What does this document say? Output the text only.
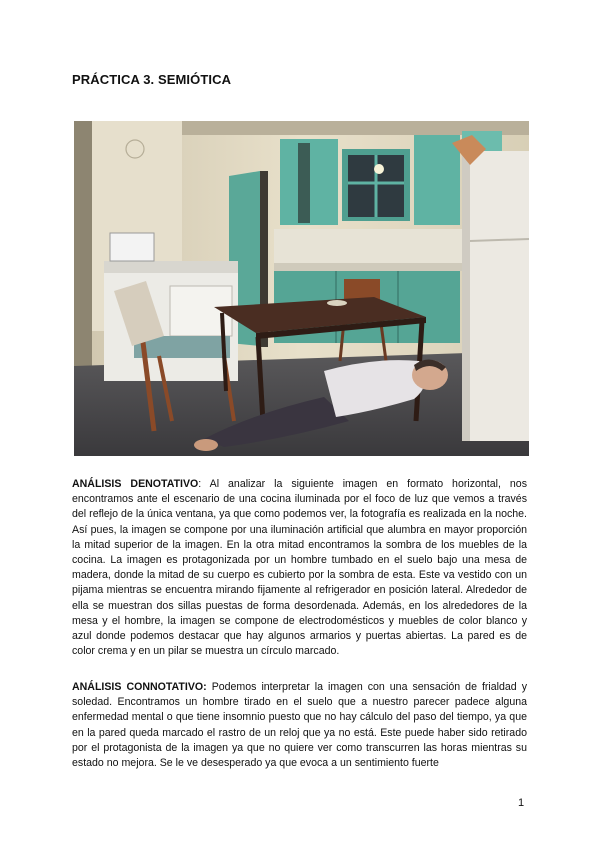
PRÁCTICA 3. SEMIÓTICA

ANÁLISIS DENOTATIVO: Al analizar la siguiente imagen en formato horizontal, nos encontramos ante el escenario de una cocina iluminada por el foco de luz que vemos a través del reflejo de la única ventana, ya que como podemos ver, la fotografía es realizada en la noche. Así pues, la imagen se compone por una iluminación artificial que alumbra en mayor proporción la mitad superior de la imagen. En la otra mitad encontramos la sombra de los muebles de la cocina. La imagen es protagonizada por un hombre tumbado en el suelo bajo una mesa de madera, donde la mitad de su cuerpo es cubierto por la sombra de esta. Este va vestido con un pijama mientras se encuentra mirando fijamente al refrigerador en posición lateral. Alrededor de ella se muestran dos sillas puestas de forma desordenada. Además, en los alrededores de la mesa y el hombre, la imagen se compone de electrodomésticos y muebles de color blanco y azul donde podemos destacar que hay algunos armarios y puertas abiertas. La pared es de color crema y en un pilar se muestra un círculo marcado.

ANÁLISIS CONNOTATIVO: Podemos interpretar la imagen con una sensación de frialdad y soledad. Encontramos un hombre tirado en el suelo que a nuestro parecer padece alguna enfermedad mental o que tiene insomnio puesto que no hay cálculo del paso del tiempo, ya que en la pared queda marcado el rastro de un reloj que ya no está. Este puede haber sido retirado por el protagonista de la imagen ya que no quiere ver como transcurren las horas mientras su estado no mejora. Se le ve desesperado ya que evoca a un sentimiento fuerte

1
